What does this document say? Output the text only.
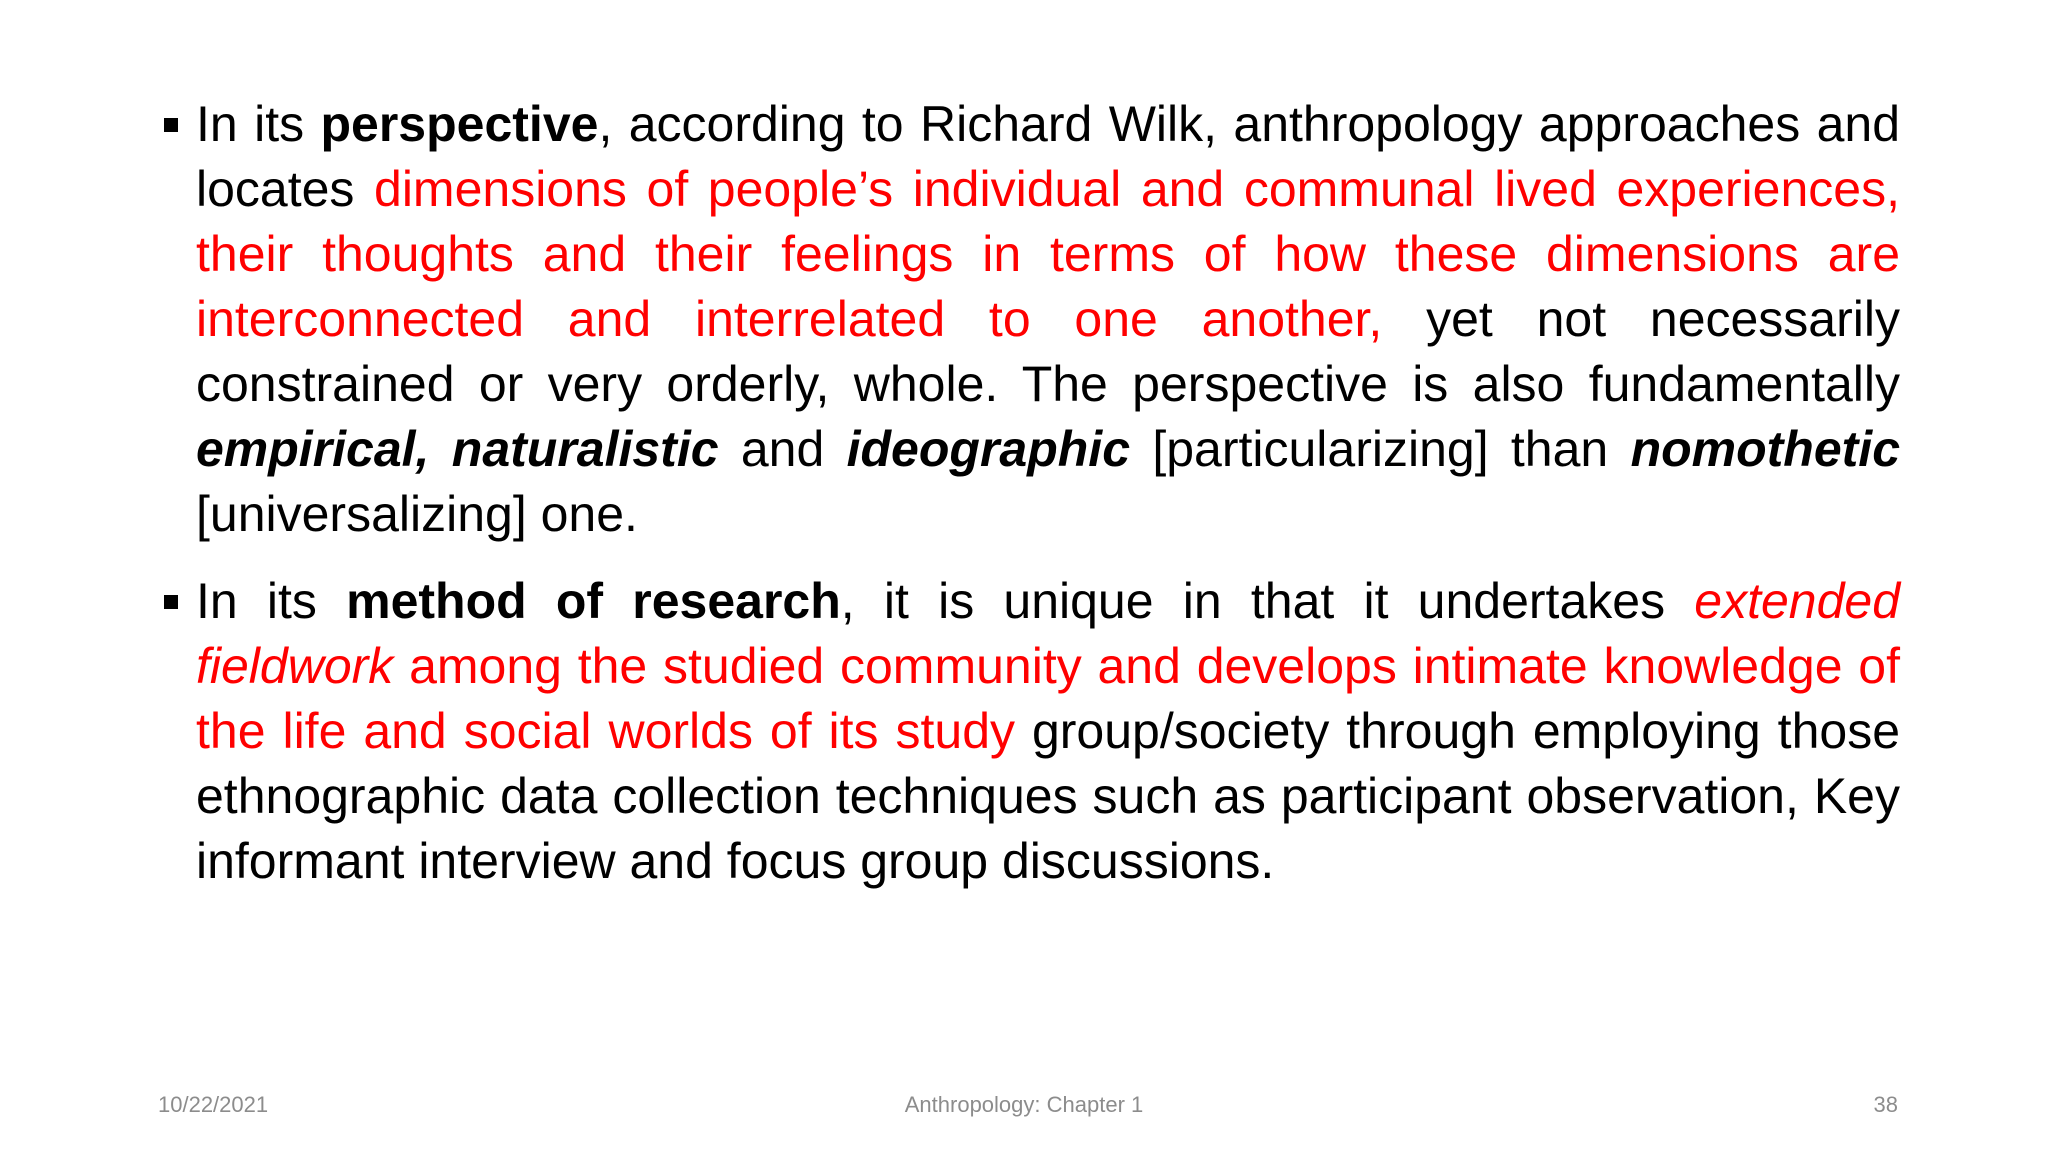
In its perspective, according to Richard Wilk, anthropology approaches and locates dimensions of people’s individual and communal lived experiences, their thoughts and their feelings in terms of how these dimensions are interconnected and interrelated to one another, yet not necessarily constrained or very orderly, whole. The perspective is also fundamentally empirical, naturalistic and ideographic [particularizing] than nomothetic [universalizing] one.
In its method of research, it is unique in that it undertakes extended fieldwork among the studied community and develops intimate knowledge of the life and social worlds of its study group/society through employing those ethnographic data collection techniques such as participant observation, Key informant interview and focus group discussions.
10/22/2021	Anthropology: Chapter 1	38
